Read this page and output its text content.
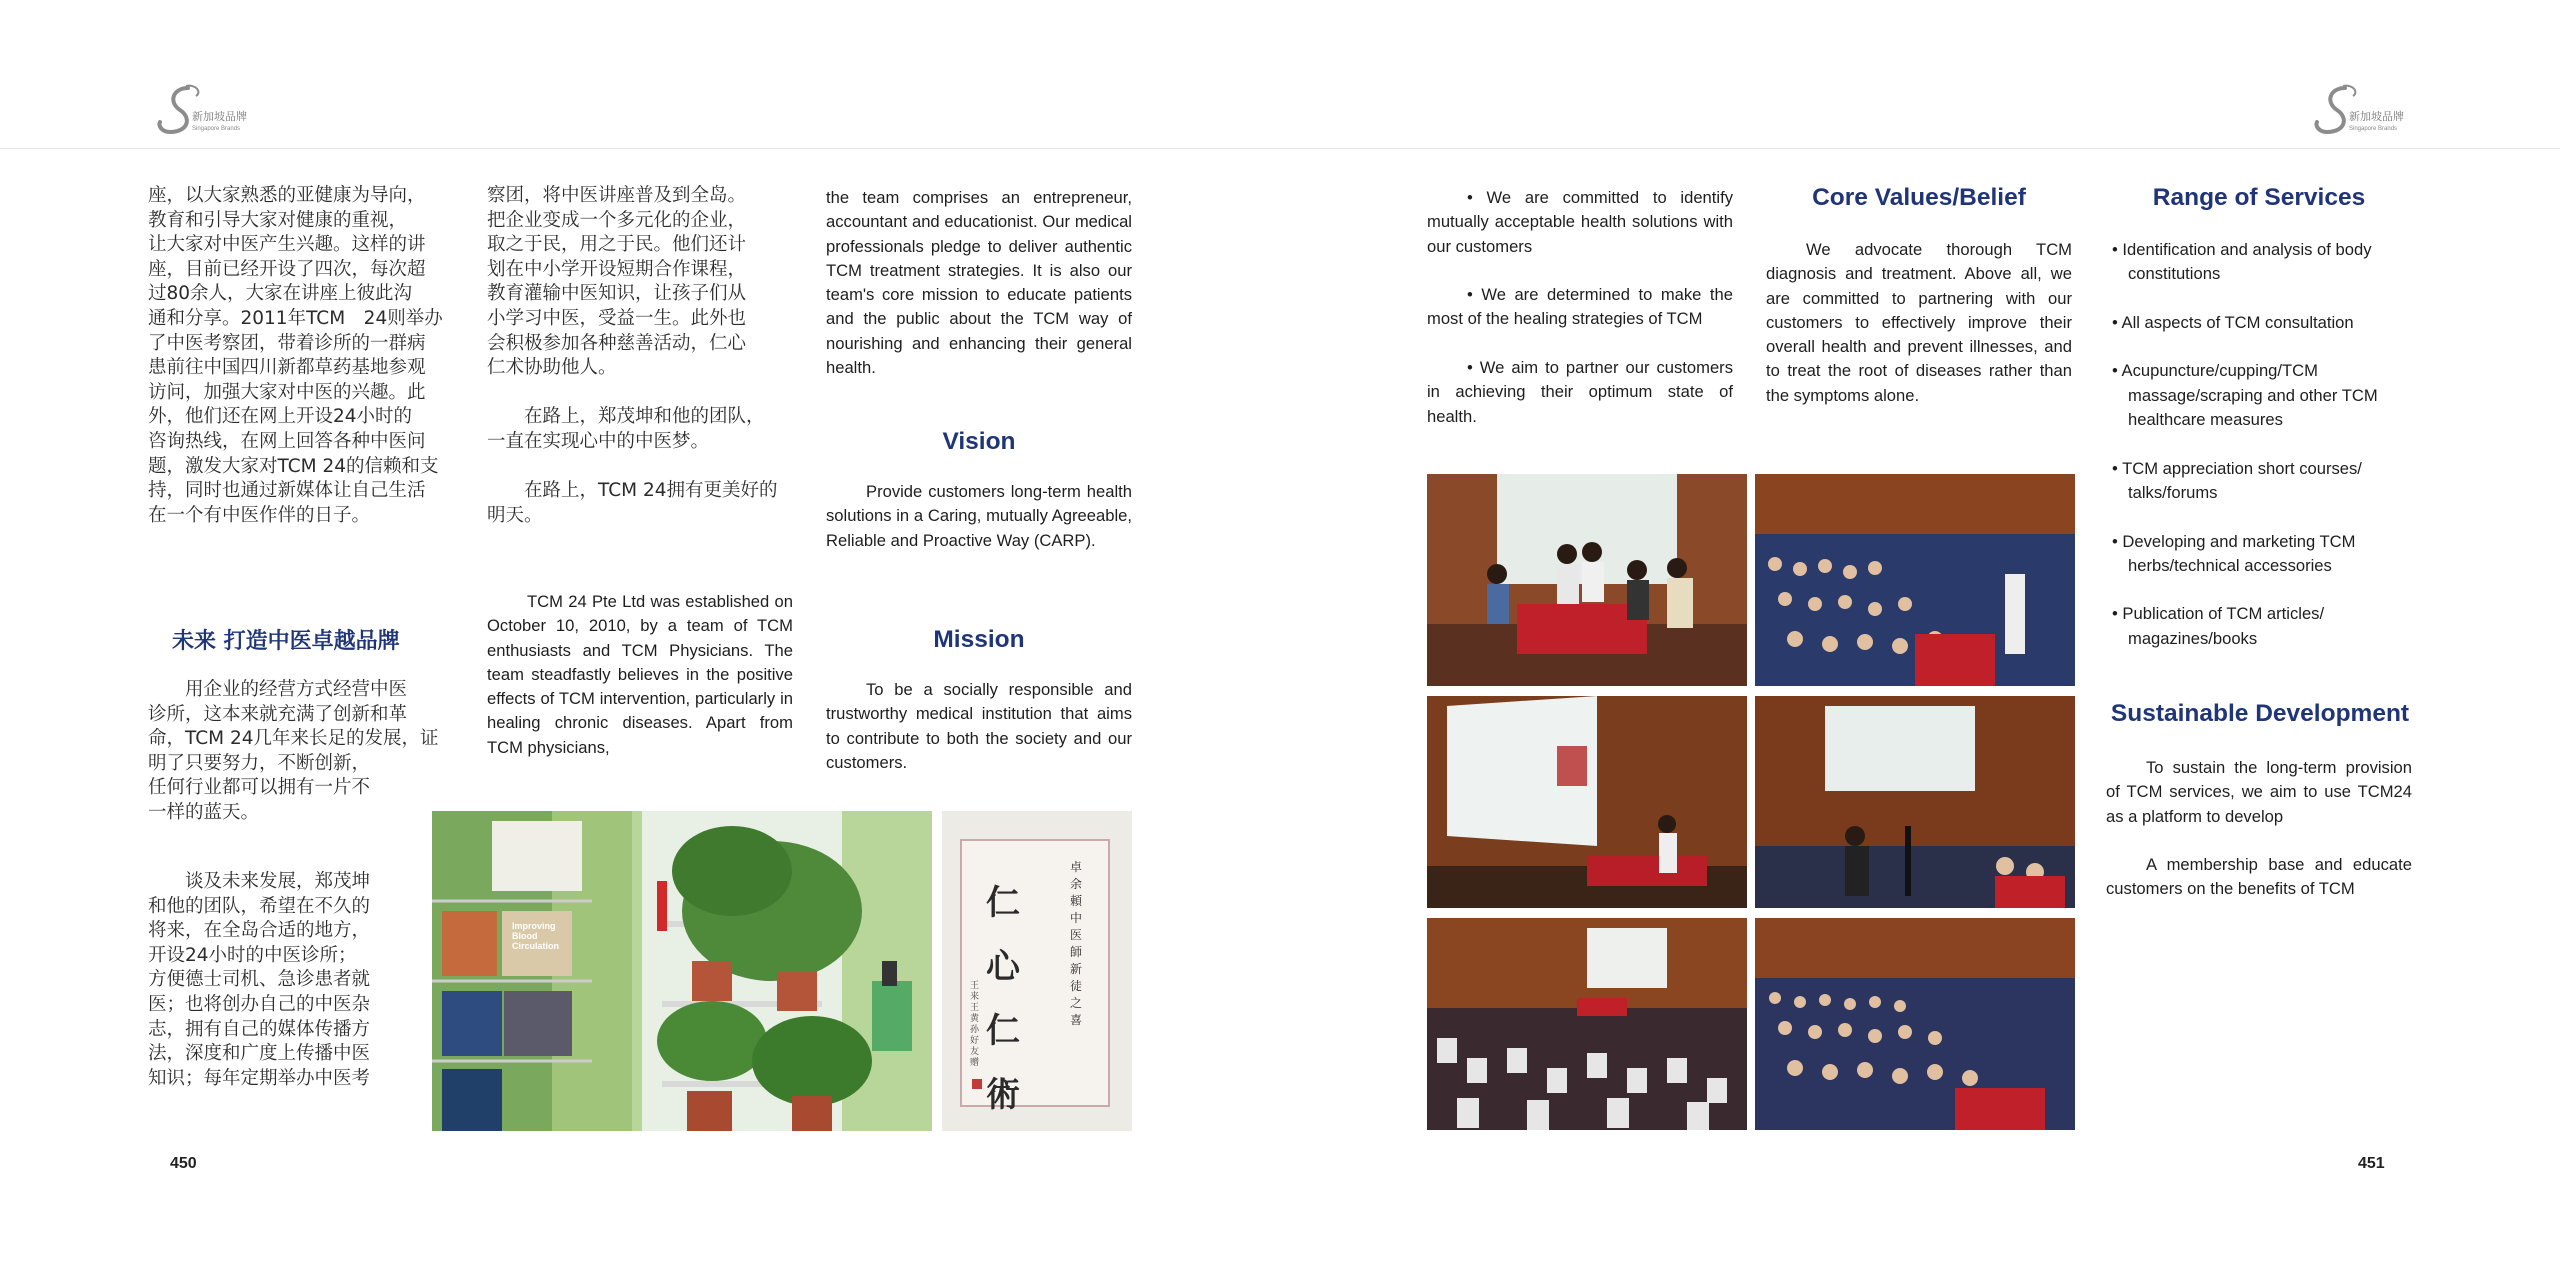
新加坡品牌
Singapore Brands
新加坡品牌
Singapore Brands
座，以大家熟悉的亚健康为导向，
教育和引导大家对健康的重视，
让大家对中医产生兴趣。这样的讲
座，目前已经开设了四次，每次超
过80余人，大家在讲座上彼此沟
通和分享。2011年TCM　24则举办
了中医考察团，带着诊所的一群病
患前往中国四川新都草药基地参观
访问，加强大家对中医的兴趣。此
外，他们还在网上开设24小时的
咨询热线，在网上回答各种中医问
题，激发大家对TCM 24的信赖和支
持，同时也通过新媒体让自己生活
在一个有中医作伴的日子。
未来 打造中医卓越品牌
用企业的经营方式经营中医
诊所，这本来就充满了创新和革
命，TCM 24几年来长足的发展，证
明了只要努力，不断创新，
任何行业都可以拥有一片不
一样的蓝天。
谈及未来发展，郑茂坤
和他的团队，希望在不久的
将来，在全岛合适的地方，
开设24小时的中医诊所；
方便德士司机、急诊患者就
医；也将创办自己的中医杂
志，拥有自己的媒体传播方
法，深度和广度上传播中医
知识；每年定期举办中医考
察团，将中医讲座普及到全岛。
把企业变成一个多元化的企业，
取之于民，用之于民。他们还计
划在中小学开设短期合作课程，
教育灌输中医知识，让孩子们从
小学习中医，受益一生。此外也
会积极参加各种慈善活动，仁心
仁术协助他人。
在路上，郑茂坤和他的团队，
一直在实现心中的中医梦。
在路上，TCM 24拥有更美好的
明天。

TCM 24 Pte Ltd was established on October 10, 2010, by a team of TCM enthusiasts and TCM Physicians. The team steadfastly believes in the positive effects of TCM intervention, particularly in healing chronic diseases. Apart from TCM physicians,

the team comprises an entrepreneur, accountant and educationist. Our medical professionals pledge to deliver authentic TCM treatment strategies. It is also our team's core mission to educate patients and the public about the TCM way of nourishing and enhancing their general health.

Vision

Provide customers long-term health solutions in a Caring, mutually Agreeable, Reliable and Proactive Way (CARP).

Mission

To be a socially responsible and trustworthy medical institution that aims to contribute to both the society and our customers.

Improving Blood Circulation
仁心仁術
卓余頼中医師新徒之喜
王来王 黄孙好友赠
450

• We are committed to identify mutually acceptable health solutions with our customers

• We are determined to make the most of the healing strategies of TCM

• We aim to partner our customers in achieving their optimum state of health.

Core Values/Belief

We advocate thorough TCM diagnosis and treatment. Above all, we are committed to partnering with our customers to effectively improve their overall health and prevent illnesses, and to treat the root of diseases rather than the symptoms alone.

Range of Services
• Identification and analysis of body constitutions
• All aspects of TCM consultation
• Acupuncture/cupping/TCM massage/scraping and other TCM healthcare measures
• TCM appreciation short courses/ talks/forums
• Developing and marketing TCM herbs/technical accessories
• Publication of TCM articles/ magazines/books
Sustainable Development

To sustain the long-term provision of TCM services, we aim to use TCM24 as a platform to develop

A membership base and educate customers on the benefits of TCM

451
